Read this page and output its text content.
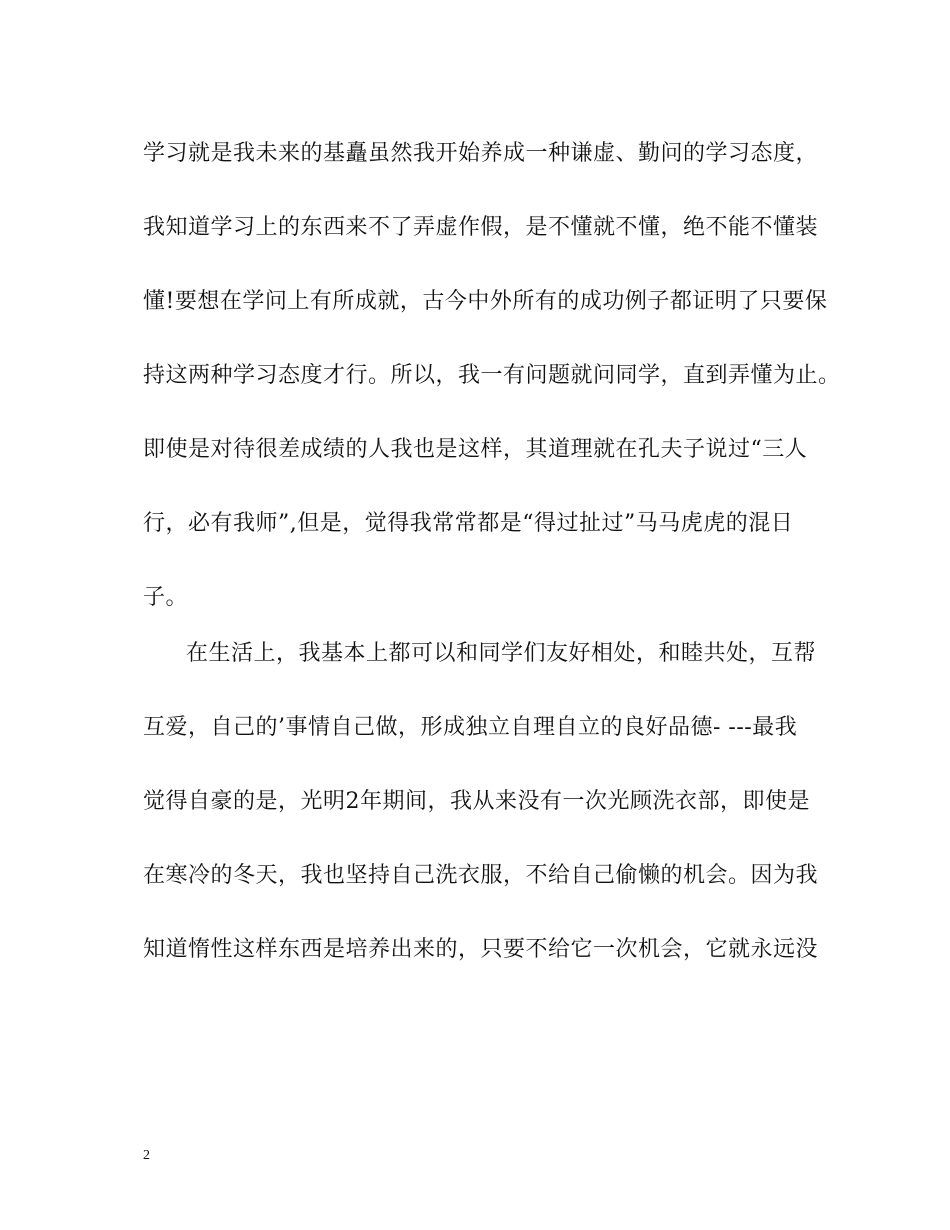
学习就是我未来的基矗虽然我开始养成一种谦虚、勤问的学习态度，
我知道学习上的东西来不了弄虚作假，是不懂就不懂，绝不能不懂装
懂!要想在学问上有所成就，古今中外所有的成功例子都证明了只要保
持这两种学习态度才行。所以，我一有问题就问同学，直到弄懂为止。
即使是对待很差成绩的人我也是这样，其道理就在孔夫子说过“三人
行，必有我师”,但是，觉得我常常都是“得过扯过”马马虎虎的混日
子。
在生活上，我基本上都可以和同学们友好相处，和睦共处，互帮
互爱，自己的’事情自己做，形成独立自理自立的良好品德- ---最我
觉得自豪的是，光明2年期间，我从来没有一次光顾洗衣部，即使是
在寒冷的冬天，我也坚持自己洗衣服，不给自己偷懒的机会。因为我
知道惰性这样东西是培养出来的，只要不给它一次机会，它就永远没
2
